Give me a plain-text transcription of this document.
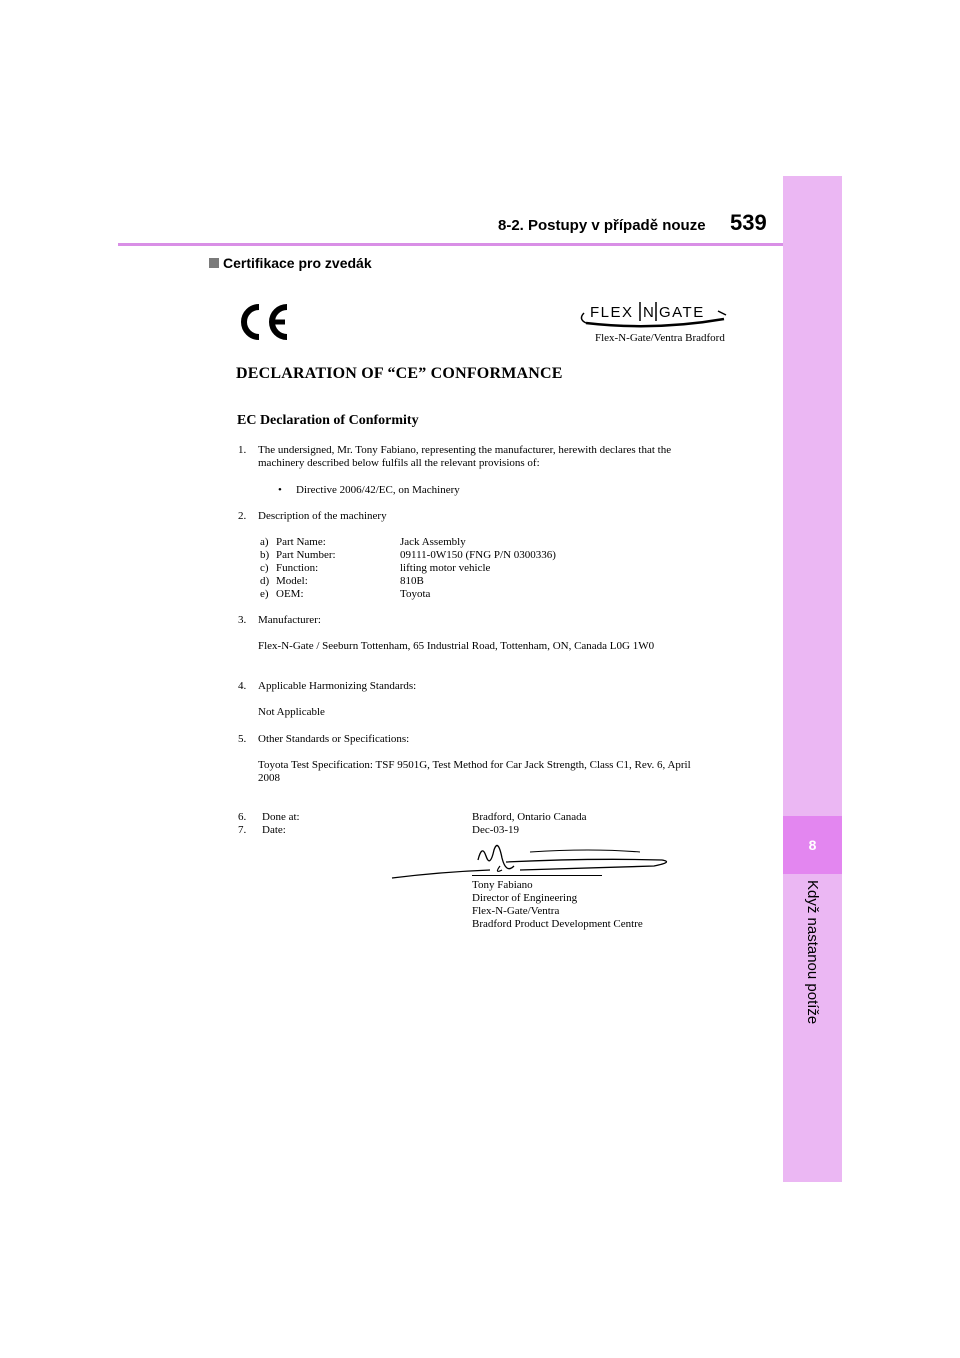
8
Když nastanou potíže
8-2. Postupy v případě nouze 539
Certifikace pro zvedák
FLEX N GATE
Flex-N-Gate/Ventra Bradford
DECLARATION OF “CE” CONFORMANCE
EC Declaration of Conformity
1. The undersigned, Mr. Tony Fabiano, representing the manufacturer, herewith declares that the
machinery described below fulfils all the relevant provisions of:
• Directive 2006/42/EC, on Machinery
2. Description of the machinery
a) Part Name:	Jack Assembly
b) Part Number:	09111-0W150 (FNG P/N 0300336)
c) Function:	lifting motor vehicle
d) Model:	810B
e) OEM:	Toyota
3. Manufacturer:
Flex-N-Gate / Seeburn Tottenham, 65 Industrial Road, Tottenham, ON, Canada L0G 1W0
4. Applicable Harmonizing Standards:
Not Applicable
5. Other Standards or Specifications:
Toyota Test Specification: TSF 9501G, Test Method for Car Jack Strength, Class C1, Rev. 6, April
2008
6. Done at:	Bradford, Ontario Canada
7. Date:	Dec-03-19
Tony Fabiano
Director of Engineering
Flex-N-Gate/Ventra
Bradford Product Development Centre
